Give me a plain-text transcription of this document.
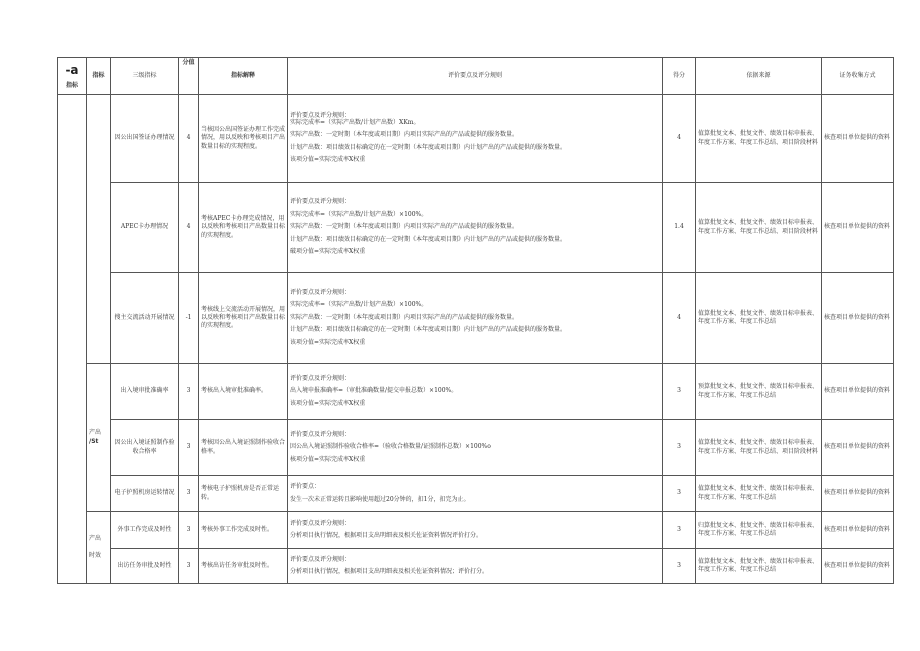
-a
指标	指标	三级指标	分值	指标解释	评价要点及评分规则	得分	依据来源	证务收集方式
		因公出国签证办理情况	4	当核因公出国签证办理工作完成情况，用以反映和考核项目产出数量目标的实现程度。	评价要点及评分规则：
实际完成率=（实际产出数/计划产出数）XKm。
实际产出数：一定时期（本年度或项目期）内项目实际产出的产品或提供的服务数量。
计划产出数：项目绩效目标确定的在一定时期（本年度或项目期）内计划产出的产品或提供的服务数量。
该项分值=实际完成率Ⅹ权重	4	值算批复文本、批复文件、绩效目标申报表、年度工作方案、年度工作总结、项目阶段材料	核查项目单位提供的资料
		APEC卡办理情况	4	考核APEC卡办理完成情况，用以反映和考核项目产出数量目标的实现程度。	评价要点及评分规则：
实际完成率=（实际产出数/计划产出数）×100%。
实际产出数：一定时期（本年度或项目期）内项目实际产出的产品或提供的服务数量。
计划产出数：项目绩效目标确定的在一定时期《本年度或项目期》内计划产出的产品或提供的服务数量。
破项分值=实际完成率X权重	1.4	值算批复文本、批复文件、绩效目标申报表、年度工作方案、年度工作总结、项目阶段材料	核查项目单位提供的资料
		搜主交流活动开展情况	-1	考核线上交流活动开展情况，用以反映和考核项目产出数量目标的实现程度。	评价要点及评分规则：
实际完成率=（实际产出数/计划产出数）×100%。
实际产出数：一定时期（本年度或项目期）内项目实际产出的产品或提供的服务数量。
计划产出数：项目绩效目标确定的在一定时期（本年度或项目期）内计划产出的产品或提供的服务数量。
该项分值=实际完成率X权重	4	值算批复文本、批复文件、绩效目标申报表、年度工作方案、年度工作总结	核查项目单位提供的资料

	产出
/St	出入境审批准确率	3	考核出入境审批准确率。	评价要点及评分规则：
出入境申报准确率=（审批准确数量/提交申报总数）×100%。
该项分值=实际完成率Ⅹ权重	3	预算批复文本、批复文件、绩效目标申报表、年度工作方案、年度工作总结	核查项目单位提供的资料
		因公出入境证照制作验收合格率	3	考核因公出入境证照制作验收合格率。	评价要点及评分规则：
因公出入境证照制作验收合格率=（验收合格数量/证照制作总数）×100%o
核项分值=实际完成率X权重	3	值算批复文本、批复文件、绩效目标申报表、年度工作方案、年度工作总结、项目阶段材料	核查项目单位提供的资料
		电子护照机房运转情况	3	考核电子护照机房是否正常运转。	评价要点：
发生一次未正常运转且影响使用超过20分钟的，扣1分，扣完为止。	3	值算批复文本、批复文件、绩效目标申报表、年度工作方案、年度工作总结	核查项目单位提供的资料

	产出
时效	外事工作完成及时性	3	考核外事工作完成及时性。	评价要点及评分规则：
分析项目执行情况，根据项目支出明细表及相关佐证资料情况评价打分。	3	归算批复文本、批复文件、绩效目标申报表、年度工作方案、年度工作总结	核查项目单位提供的资料
		出访任务审批及时性	3	考核出访任务审批及时性。	评价要点及评分规则：
分析项目执行情况，根据项目支出明细表及相关佐证资料情况；评价打分。	3	值算批复文本、批复文件、绩效目标申报表、年度工作方案、年度工作总结	核查项目单位提供的资料
